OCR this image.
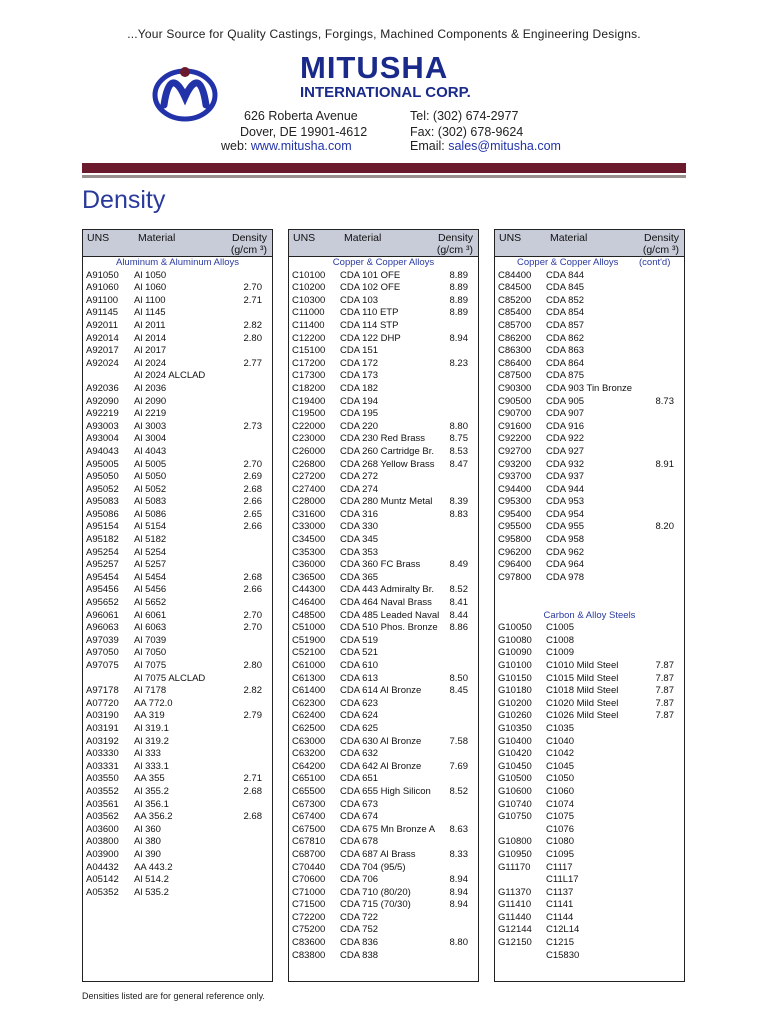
...Your Source for Quality Castings, Forgings, Machined Components & Engineering Designs.
MITUSHA
INTERNATIONAL CORP.
626 Roberta Avenue
Dover, DE 19901-4612
web: www.mitusha.com
Tel: (302) 674-2977
Fax: (302) 678-9624
Email: sales@mitusha.com
Density
UNS	Material	Density
(g/cm ³)
Aluminum & Aluminum Alloys
A91050 Al 1050
A91060 Al 1060	2.70
A91100 Al 1100	2.71
A91145 Al 1145
A92011 Al 2011	2.82
A92014 Al 2014	2.80
A92017 Al 2017
A92024 Al 2024	2.77
Al 2024 ALCLAD
A92036 Al 2036
A92090 Al 2090
A92219 Al 2219
A93003 Al 3003	2.73
A93004 Al 3004
A94043 Al 4043
A95005 Al 5005	2.70
A95050 Al 5050	2.69
A95052 Al 5052	2.68
A95083 Al 5083	2.66
A95086 Al 5086	2.65
A95154 Al 5154	2.66
A95182 Al 5182
A95254 Al 5254
A95257 Al 5257
A95454 Al 5454	2.68
A95456 Al 5456	2.66
A95652 Al 5652
A96061 Al 6061	2.70
A96063 Al 6063	2.70
A97039 Al 7039
A97050 Al 7050
A97075 Al 7075	2.80
Al 7075 ALCLAD
A97178 Al 7178	2.82
A07720 AA 772.0
A03190 AA 319	2.79
A03191 Al 319.1
A03192 Al 319.2
A03330 Al 333
A03331 Al 333.1
A03550 AA 355	2.71
A03552 Al 355.2	2.68
A03561 Al 356.1
A03562 AA 356.2	2.68
A03600 Al 360
A03800 Al 380
A03900 Al 390
A04432 AA 443.2
A05142 Al 514.2
A05352 Al 535.2
UNS	Material	Density
(g/cm ³)
Copper & Copper Alloys
C10100 CDA 101 OFE	8.89
C10200 CDA 102 OFE	8.89
C10300 CDA 103	8.89
C11000 CDA 110 ETP	8.89
C11400 CDA 114 STP
C12200 CDA 122 DHP	8.94
C15100 CDA 151
C17200 CDA 172	8.23
C17300 CDA 173
C18200 CDA 182
C19400 CDA 194
C19500 CDA 195
C22000 CDA 220	8.80
C23000 CDA 230 Red Brass	8.75
C26000 CDA 260 Cartridge Br. 8.53
C26800 CDA 268 Yellow Brass 8.47
C27200 CDA 272
C27400 CDA 274
C28000 CDA 280 Muntz Metal 8.39
C31600 CDA 316	8.83
C33000 CDA 330
C34500 CDA 345
C35300 CDA 353
C36000 CDA 360 FC Brass	8.49
C36500 CDA 365
C44300 CDA 443 Admiralty Br. 8.52
C46400 CDA 464 Naval Brass 8.41
C48500 CDA 485 Leaded Naval 8.44
C51000 CDA 510 Phos. Bronze 8.86
C51900 CDA 519
C52100 CDA 521
C61000 CDA 610
C61300 CDA 613	8.50
C61400 CDA 614 Al Bronze	8.45
C62300 CDA 623
C62400 CDA 624
C62500 CDA 625
C63000 CDA 630 Al Bronze	7.58
C63200 CDA 632
C64200 CDA 642 Al Bronze	7.69
C65100 CDA 651
C65500 CDA 655 High Silicon 8.52
C67300 CDA 673
C67400 CDA 674
C67500 CDA 675 Mn Bronze A 8.63
C67810 CDA 678
C68700 CDA 687 Al Brass	8.33
C70440 CDA 704 (95/5)
C70600 CDA 706	8.94
C71000 CDA 710 (80/20)	8.94
C71500 CDA 715 (70/30)	8.94
C72200 CDA 722
C75200 CDA 752
C83600 CDA 836	8.80
C83800 CDA 838
UNS	Material	Density
(g/cm ³)
Copper & Copper Alloys (cont'd)
C84400 CDA 844
C84500 CDA 845
C85200 CDA 852
C85400 CDA 854
C85700 CDA 857
C86200 CDA 862
C86300 CDA 863
C86400 CDA 864
C87500 CDA 875
C90300 CDA 903 Tin Bronze
C90500 CDA 905	8.73
C90700 CDA 907
C91600 CDA 916
C92200 CDA 922
C92700 CDA 927
C93200 CDA 932	8.91
C93700 CDA 937
C94400 CDA 944
C95300 CDA 953
C95400 CDA 954
C95500 CDA 955	8.20
C95800 CDA 958
C96200 CDA 962
C96400 CDA 964
C97800 CDA 978
Carbon & Alloy Steels
G10050 C1005
G10080 C1008
G10090 C1009
G10100 C1010 Mild Steel	7.87
G10150 C1015 Mild Steel	7.87
G10180 C1018 Mild Steel	7.87
G10200 C1020 Mild Steel	7.87
G10260 C1026 Mild Steel	7.87
G10350 C1035
G10400 C1040
G10420 C1042
G10450 C1045
G10500 C1050
G10600 C1060
G10740 C1074
G10750 C1075
C1076
G10800 C1080
G10950 C1095
G11170 C1117
C11L17
G11370 C1137
G11410 C1141
G11440 C1144
G12144 C12L14
G12150 C1215
C15830
Densities listed are for general reference only.
